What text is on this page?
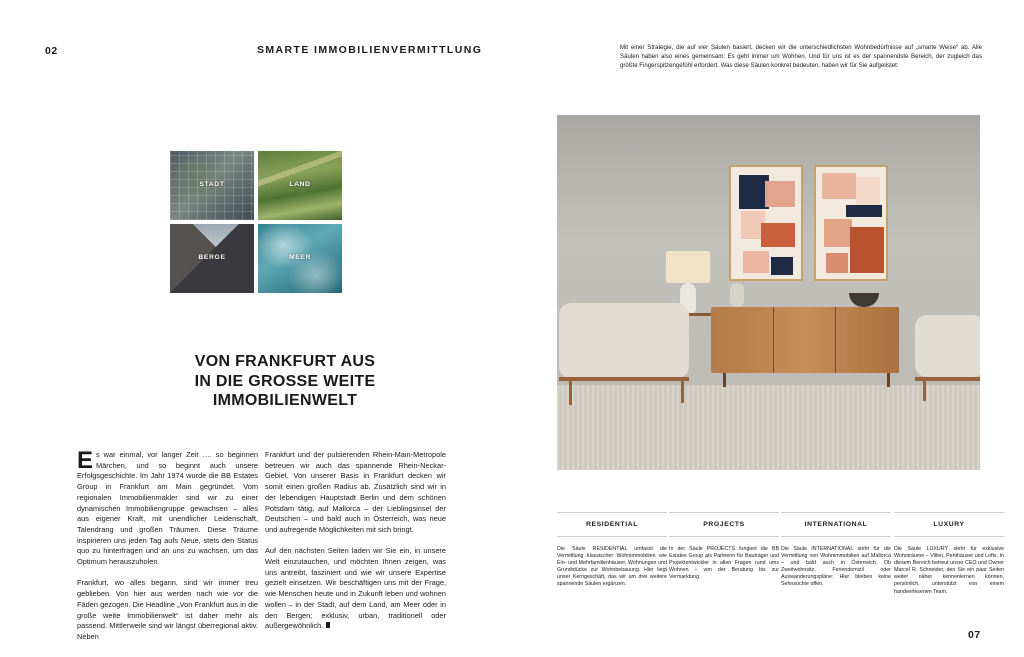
02	SMARTE IMMOBILIENVERMITTLUNG	Mit einer Strategie, die auf vier Säulen basiert, decken wir die unterschiedlichsten Wohnbedürfnisse auf „smarte Weise“ ab. Alle Säulen haben also eines gemeinsam: Es geht immer um Wohnen. Und für uns ist es der spannendste Bereich, der zugleich das größte Fingerspitzengefühl erfordert. Was diese Säulen konkret bedeuten, haben wir für Sie aufgelistet:
STADT	LAND
BERGE	MEER
VON FRANKFURT AUS
IN DIE GROSSE WEITE
IMMOBILIENWELT

Es war einmal, vor langer Zeit …. so beginnen Märchen, und so beginnt auch unsere Erfolgsgeschichte. Im Jahr 1974 wurde die BB Estates Group in Frankfurt am Main gegründet. Vom regionalen Immobilienmakler sind wir zu einer dynamischen Immobiliengruppe gewachsen – alles aus eigener Kraft, mit unendlicher Leidenschaft, Talendrang und großen Träumen. Diese Träume inspirieren uns jeden Tag aufs Neue, stets den Status quo zu hinterfragen und an uns zu wachsen, um das Optimum herauszuholen.

Frankfurt, wo alles begann, sind wir immer treu geblieben. Von hier aus werden nach wie vor die Fäden gezogen. Die Headline „Von Frankfurt aus in die große weite Immobilienwelt“ ist daher mehr als passend. Mittlerweile sind wir längst überregional aktiv. Neben

Frankfurt und der pulsierenden Rhein-Main-Metropole betreuen wir auch das spannende Rhein-Neckar-Gebiet. Von unserer Basis in Frankfurt decken wir somit einen großen Radius ab. Zusätzlich sind wir in der lebendigen Hauptstadt Berlin und dem schönen Potsdam tätig, auf Mallorca – der Lieblingsinsel der Deutschen – und bald auch in Österreich, was neue und aufregende Möglichkeiten mit sich bringt.

Auf den nächsten Seiten laden wir Sie ein, in unsere Welt einzutauchen, und möchten Ihnen zeigen, was uns antreibt, fasziniert und wie wir unsere Expertise gezielt einsetzen. Wir beschäftigen uns mit der Frage, wie Menschen heute und in Zukunft leben und wohnen wollen – in der Stadt, auf dem Land, am Meer oder in den Bergen; exklusiv, urban, traditionell oder außergewöhnlich.

RESIDENTIAL

Die Säule RESIDENTIAL umfasst die Vermittlung klassischer Wohnimmobilien wie Ein- und Mehrfamilienhäuser, Wohnungen und Grundstücke zur Wohnbebauung. Hier liegt unser Kerngeschäft, das wir um drei weitere spannende Säulen ergänzen.

PROJECTS

In der Säule PROJECTS fungiert die BB Estates Group als Partnerin für Bauträger und Projektentwickler in allen Fragen rund ums Wohnen – von der Beratung bis zur Vermarktung.

INTERNATIONAL

Die Säule INTERNATIONAL steht für die Vermittlung von Wohnimmobilien auf Mallorca – und bald auch in Österreich. Ob Zweitwohnsitz, Feriendomizil oder Auswanderungspläne: Hier bleiben keine Sehnsüchte offen.

LUXURY

Die Säule LUXURY steht für exklusive Wohnträume – Villen, Penthäuser und Lofts. In diesem Bereich betreut unser CEO und Owner Marcel R. Schneider, den Sie ein paar Seiten weiter näher kennenlernen können, persönlich, unterstützt von einem handverlesenen Team.

07
